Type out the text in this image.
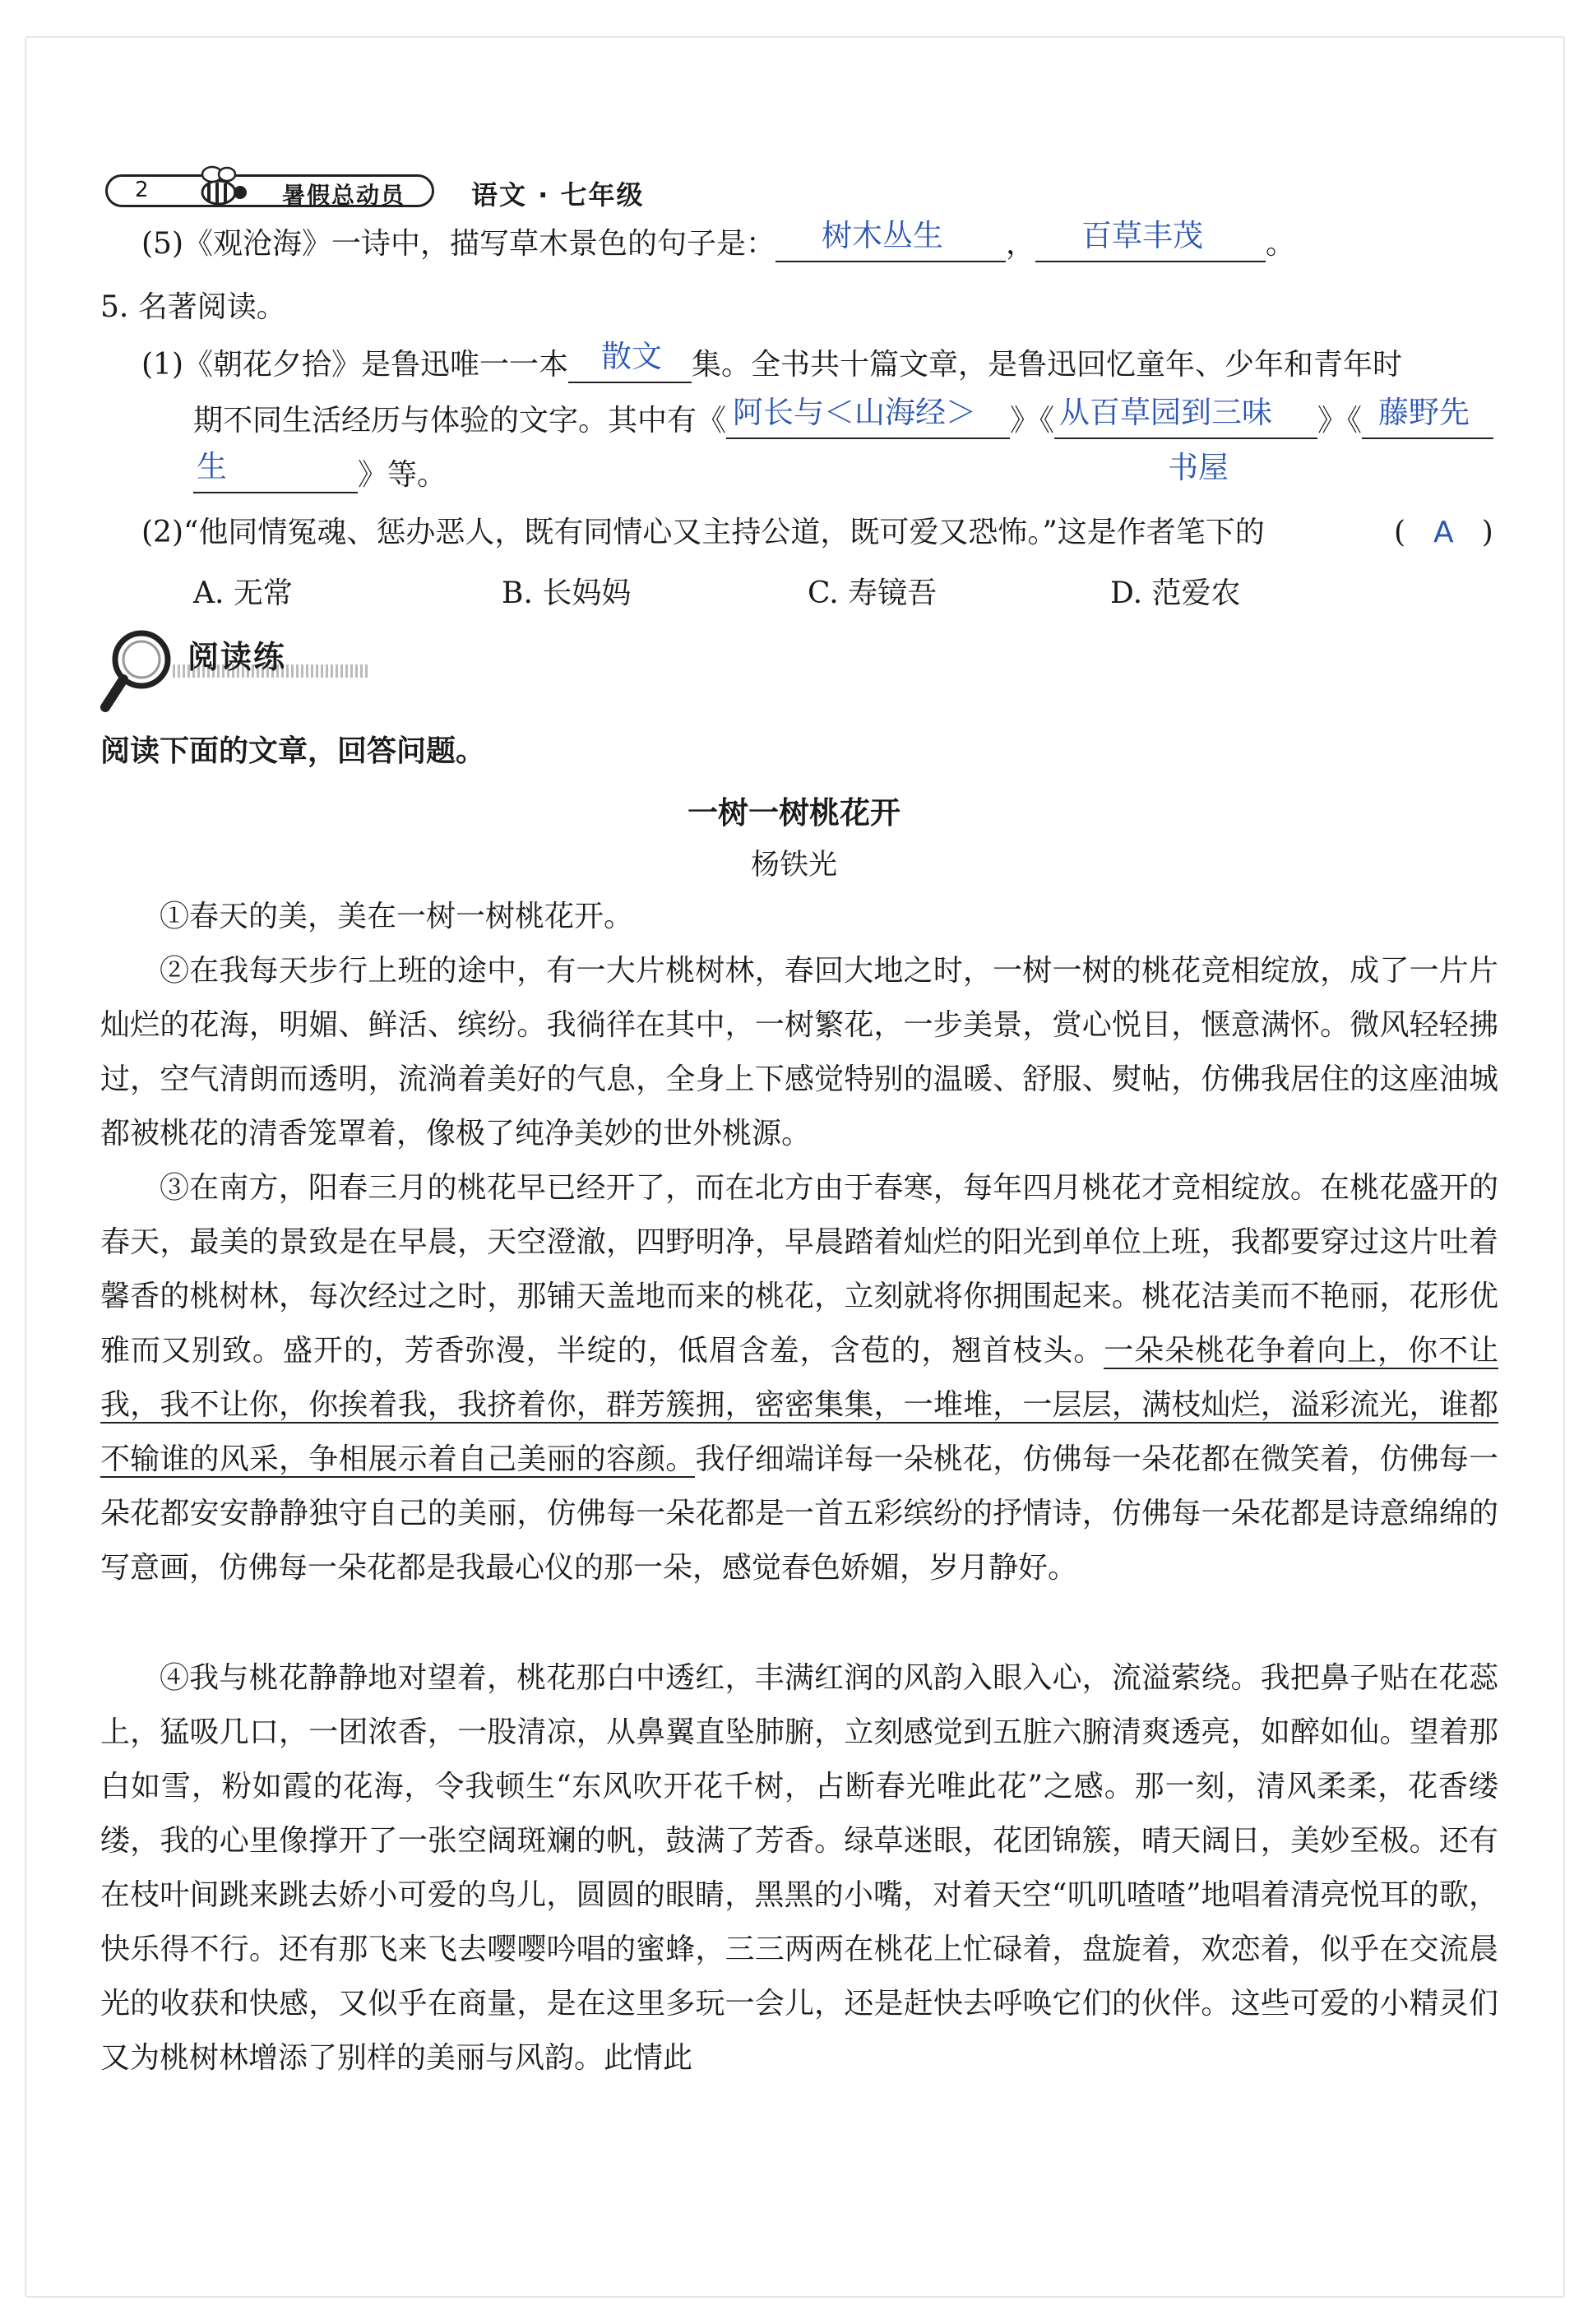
2	暑假总动员 语文 · 七年级
(5)《观沧海》一诗中，描写草木景色的句子是： 树木丛生 ， 百草丰茂 。
5. 名著阅读。
(1)《朝花夕拾》是鲁迅唯一一本 散文 集。全书共十篇文章，是鲁迅回忆童年、少年和青年时
期不同生活经历与体验的文字。其中有《 阿长与＜山海经＞ 》《 从百草园到三味 》《 藤野先
生	》等。	书屋
(2)“他同情冤魂、惩办恶人，既有同情心又主持公道，既可爱又恐怖。”这是作者笔下的	( A )
A. 无常	B. 长妈妈	C. 寿镜吾	D. 范爱农
阅读练
阅读下面的文章，回答问题。
一树一树桃花开
杨铁光
①春天的美，美在一树一树桃花开。
②在我每天步行上班的途中，有一大片桃树林，春回大地之时，一树一树的桃花竞相绽放，成了一片片灿烂的花海，明媚、鲜活、缤纷。我徜徉在其中，一树繁花，一步美景，赏心悦目，惬意满怀。微风轻轻拂过，空气清朗而透明，流淌着美好的气息，全身上下感觉特别的温暖、舒服、熨帖，仿佛我居住的这座油城都被桃花的清香笼罩着，像极了纯净美妙的世外桃源。
③在南方，阳春三月的桃花早已经开了，而在北方由于春寒，每年四月桃花才竞相绽放。在桃花盛开的春天，最美的景致是在早晨，天空澄澈，四野明净，早晨踏着灿烂的阳光到单位上班，我都要穿过这片吐着馨香的桃树林，每次经过之时，那铺天盖地而来的桃花，立刻就将你拥围起来。桃花洁美而不艳丽，花形优雅而又别致。盛开的，芳香弥漫，半绽的，低眉含羞，含苞的，翘首枝头。一朵朵桃花争着向上，你不让我，我不让你，你挨着我，我挤着你，群芳簇拥，密密集集，一堆堆，一层层，满枝灿烂，溢彩流光，谁都不输谁的风采，争相展示着自己美丽的容颜。我仔细端详每一朵桃花，仿佛每一朵花都在微笑着，仿佛每一朵花都安安静静独守自己的美丽，仿佛每一朵花都是一首五彩缤纷的抒情诗，仿佛每一朵花都是诗意绵绵的写意画，仿佛每一朵花都是我最心仪的那一朵，感觉春色娇媚，岁月静好。
④我与桃花静静地对望着，桃花那白中透红，丰满红润的风韵入眼入心，流溢萦绕。我把鼻子贴在花蕊上，猛吸几口，一团浓香，一股清凉，从鼻翼直坠肺腑，立刻感觉到五脏六腑清爽透亮，如醉如仙。望着那白如雪，粉如霞的花海，令我顿生“东风吹开花千树，占断春光唯此花”之感。那一刻，清风柔柔，花香缕缕，我的心里像撑开了一张空阔斑斓的帆，鼓满了芳香。绿草迷眼，花团锦簇，晴天阔日，美妙至极。还有在枝叶间跳来跳去娇小可爱的鸟儿，圆圆的眼睛，黑黑的小嘴，对着天空“叽叽喳喳”地唱着清亮悦耳的歌，快乐得不行。还有那飞来飞去嘤嘤吟唱的蜜蜂，三三两两在桃花上忙碌着，盘旋着，欢恋着，似乎在交流晨光的收获和快感，又似乎在商量，是在这里多玩一会儿，还是赶快去呼唤它们的伙伴。这些可爱的小精灵们又为桃树林增添了别样的美丽与风韵。此情此
